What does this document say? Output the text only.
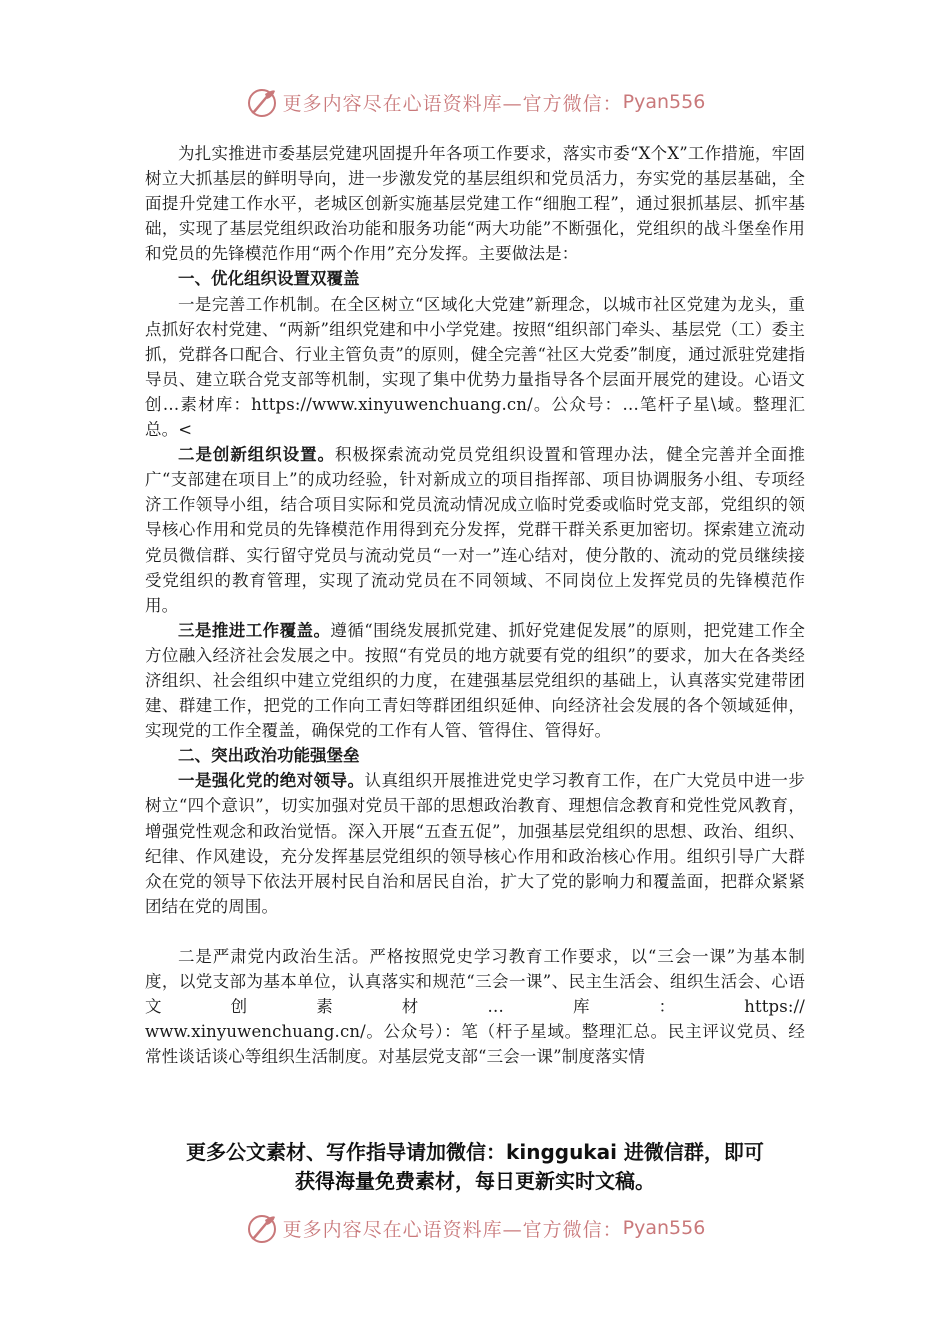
更多内容尽在心语资料库—官方微信： Pyan556

为扎实推进市委基层党建巩固提升年各项工作要求，落实市委“X个X”工作措施，牢固树立大抓基层的鲜明导向，进一步激发党的基层组织和党员活力，夯实党的基层基础，全面提升党建工作水平，老城区创新实施基层党建工作“细胞工程”，通过狠抓基层、抓牢基础，实现了基层党组织政治功能和服务功能“两大功能”不断强化，党组织的战斗堡垒作用和党员的先锋模范作用“两个作用”充分发挥。主要做法是：

一、优化组织设置双覆盖

一是完善工作机制。在全区树立“区域化大党建”新理念，以城市社区党建为龙头，重点抓好农村党建、“两新”组织党建和中小学党建。按照“组织部门牵头、基层党（工）委主抓，党群各口配合、行业主管负责”的原则，健全完善“社区大党委”制度，通过派驻党建指导员、建立联合党支部等机制，实现了集中优势力量指导各个层面开展党的建设。心语文创…素材库：https://www.xinyuwenchuang.cn/。公众号：…笔杆子星\域。整理汇总。<

二是创新组织设置。积极探索流动党员党组织设置和管理办法，健全完善并全面推广“支部建在项目上”的成功经验，针对新成立的项目指挥部、项目协调服务小组、专项经济工作领导小组，结合项目实际和党员流动情况成立临时党委或临时党支部，党组织的领导核心作用和党员的先锋模范作用得到充分发挥，党群干群关系更加密切。探索建立流动党员微信群、实行留守党员与流动党员“一对一”连心结对，使分散的、流动的党员继续接受党组织的教育管理，实现了流动党员在不同领域、不同岗位上发挥党员的先锋模范作用。

三是推进工作覆盖。遵循“围绕发展抓党建、抓好党建促发展”的原则，把党建工作全方位融入经济社会发展之中。按照“有党员的地方就要有党的组织”的要求，加大在各类经济组织、社会组织中建立党组织的力度，在建强基层党组织的基础上，认真落实党建带团建、群建工作，把党的工作向工青妇等群团组织延伸、向经济社会发展的各个领域延伸，实现党的工作全覆盖，确保党的工作有人管、管得住、管得好。

二、突出政治功能强堡垒

一是强化党的绝对领导。认真组织开展推进党史学习教育工作，在广大党员中进一步树立“四个意识”，切实加强对党员干部的思想政治教育、理想信念教育和党性党风教育，增强党性观念和政治觉悟。深入开展“五查五促”，加强基层党组织的思想、政治、组织、纪律、作风建设，充分发挥基层党组织的领导核心作用和政治核心作用。组织引导广大群众在党的领导下依法开展村民自治和居民自治，扩大了党的影响力和覆盖面，把群众紧紧团结在党的周围。

二是严肃党内政治生活。严格按照党史学习教育工作要求，以“三会一课”为基本制度，以党支部为基本单位，认真落实和规范“三会一课”、民主生活会、组织生活会、心语文创素材…库：https://

www.xinyuwenchuang.cn/。公众号）：笔（杆子星域。整理汇总。民主评议党员、经常性谈话谈心等组织生活制度。对基层党支部“三会一课”制度落实情

更多公文素材、写作指导请加微信：kinggukai 进微信群，即可
获得海量免费素材，每日更新实时文稿。
更多内容尽在心语资料库—官方微信： Pyan556
